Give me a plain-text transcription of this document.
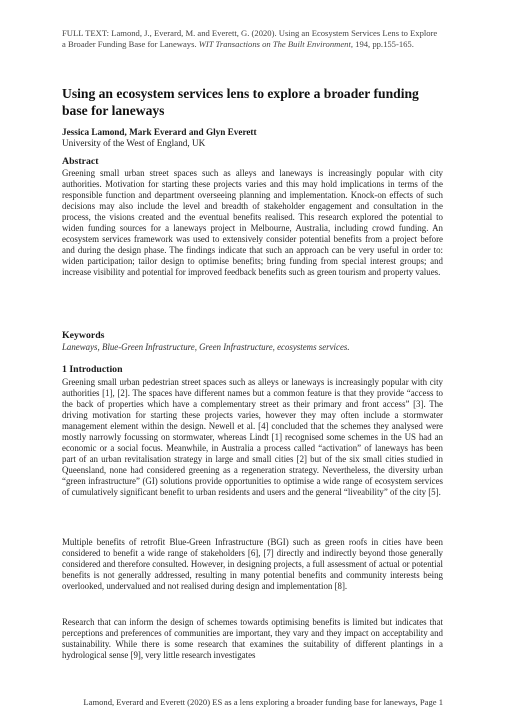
FULL TEXT: Lamond, J., Everard, M. and Everett, G. (2020). Using an Ecosystem Services Lens to Explore a Broader Funding Base for Laneways. WIT Transactions on The Built Environment, 194, pp.155-165.
Using an ecosystem services lens to explore a broader funding base for laneways
Jessica Lamond, Mark Everard and Glyn Everett
University of the West of England, UK
Abstract

Greening small urban street spaces such as alleys and laneways is increasingly popular with city authorities. Motivation for starting these projects varies and this may hold implications in terms of the responsible function and department overseeing planning and implementation. Knock-on effects of such decisions may also include the level and breadth of stakeholder engagement and consultation in the process, the visions created and the eventual benefits realised. This research explored the potential to widen funding sources for a laneways project in Melbourne, Australia, including crowd funding. An ecosystem services framework was used to extensively consider potential benefits from a project before and during the design phase. The findings indicate that such an approach can be very useful in order to: widen participation; tailor design to optimise benefits; bring funding from special interest groups; and increase visibility and potential for improved feedback benefits such as green tourism and property values.

Keywords

Laneways, Blue-Green Infrastructure, Green Infrastructure, ecosystems services.

1 Introduction

Greening small urban pedestrian street spaces such as alleys or laneways is increasingly popular with city authorities [1], [2]. The spaces have different names but a common feature is that they provide “access to the back of properties which have a complementary street as their primary and front access” [3]. The driving motivation for starting these projects varies, however they may often include a stormwater management element within the design. Newell et al. [4] concluded that the schemes they analysed were mostly narrowly focussing on stormwater, whereas Lindt [1] recognised some schemes in the US had an economic or a social focus. Meanwhile, in Australia a process called “activation” of laneways has been part of an urban revitalisation strategy in large and small cities [2] but of the six small cities studied in Queensland, none had considered greening as a regeneration strategy. Nevertheless, the diversity urban “green infrastructure” (GI) solutions provide opportunities to optimise a wide range of ecosystem services of cumulatively significant benefit to urban residents and users and the general “liveability” of the city [5].

Multiple benefits of retrofit Blue-Green Infrastructure (BGI) such as green roofs in cities have been considered to benefit a wide range of stakeholders [6], [7] directly and indirectly beyond those generally considered and therefore consulted. However, in designing projects, a full assessment of actual or potential benefits is not generally addressed, resulting in many potential benefits and community interests being overlooked, undervalued and not realised during design and implementation [8].

Research that can inform the design of schemes towards optimising benefits is limited but indicates that perceptions and preferences of communities are important, they vary and they impact on acceptability and sustainability. While there is some research that examines the suitability of different plantings in a hydrological sense [9], very little research investigates

Lamond, Everard and Everett (2020) ES as a lens exploring a broader funding base for laneways, Page 1
